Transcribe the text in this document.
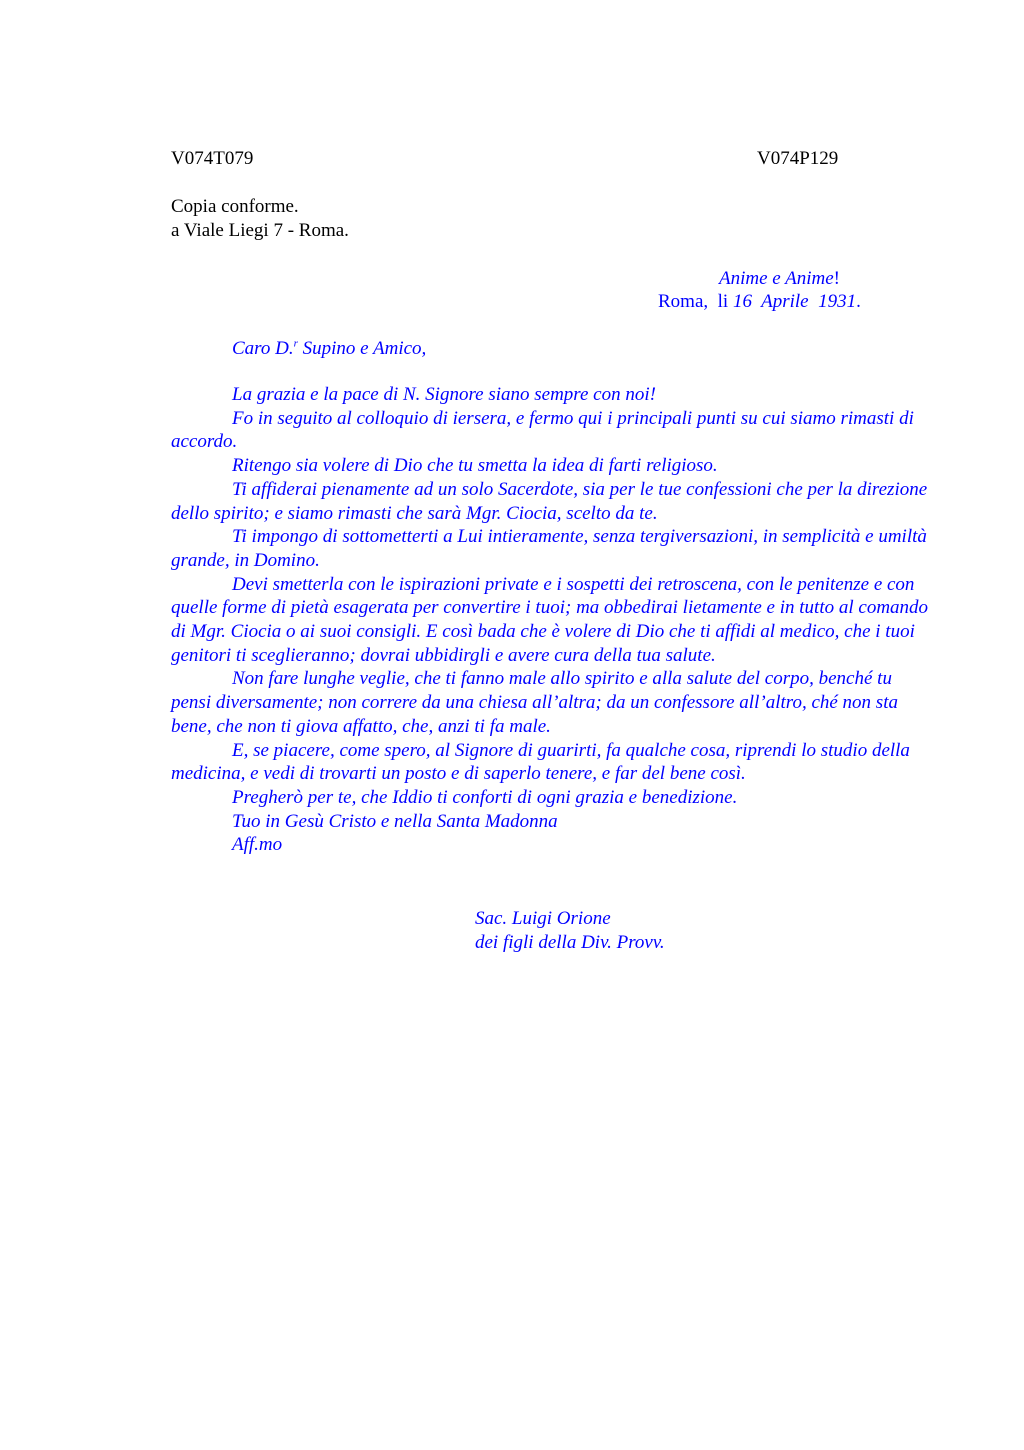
V074T079	V074P129
Copia conforme.
a Viale Liegi 7 - Roma.
Anime e Anime!
Roma,  li 16  Aprile  1931.
Caro D.$^r$ Supino e Amico,

La grazia e la pace di N. Signore siano sempre con noi!

Fo in seguito al colloquio di iersera, e fermo qui i principali punti su cui siamo rimasti di accordo.

Ritengo sia volere di Dio che tu smetta la idea di farti religioso.

Ti affiderai pienamente ad un solo Sacerdote, sia per le tue confessioni che per la direzione dello spirito; e siamo rimasti che sarà Mgr. Ciocia, scelto da te.

Ti impongo di sottometterti a Lui intieramente, senza tergiversazioni, in semplicità e umiltà grande, in Domino.

Devi smetterla con le ispirazioni private e i sospetti dei retroscena, con le penitenze e con quelle forme di pietà esagerata per convertire i tuoi; ma obbedirai lietamente e in tutto al comando di Mgr. Ciocia o ai suoi consigli. E così bada che è volere di Dio che ti affidi al medico, che i tuoi genitori ti sceglieranno; dovrai ubbidirgli e avere cura della tua salute.

Non fare lunghe veglie, che ti fanno male allo spirito e alla salute del corpo, benché tu pensi diversamente; non correre da una chiesa all’altra; da un confessore all’altro, ché non sta bene, che non ti giova affatto, che, anzi ti fa male.

E, se piacere, come spero, al Signore di guarirti, fa qualche cosa, riprendi lo studio della medicina, e vedi di trovarti un posto e di saperlo tenere, e far del bene così.

Pregherò per te, che Iddio ti conforti di ogni grazia e benedizione.

Tuo in Gesù Cristo e nella Santa Madonna

Aff.mo

Sac. Luigi Orione
dei figli della Div. Provv.
